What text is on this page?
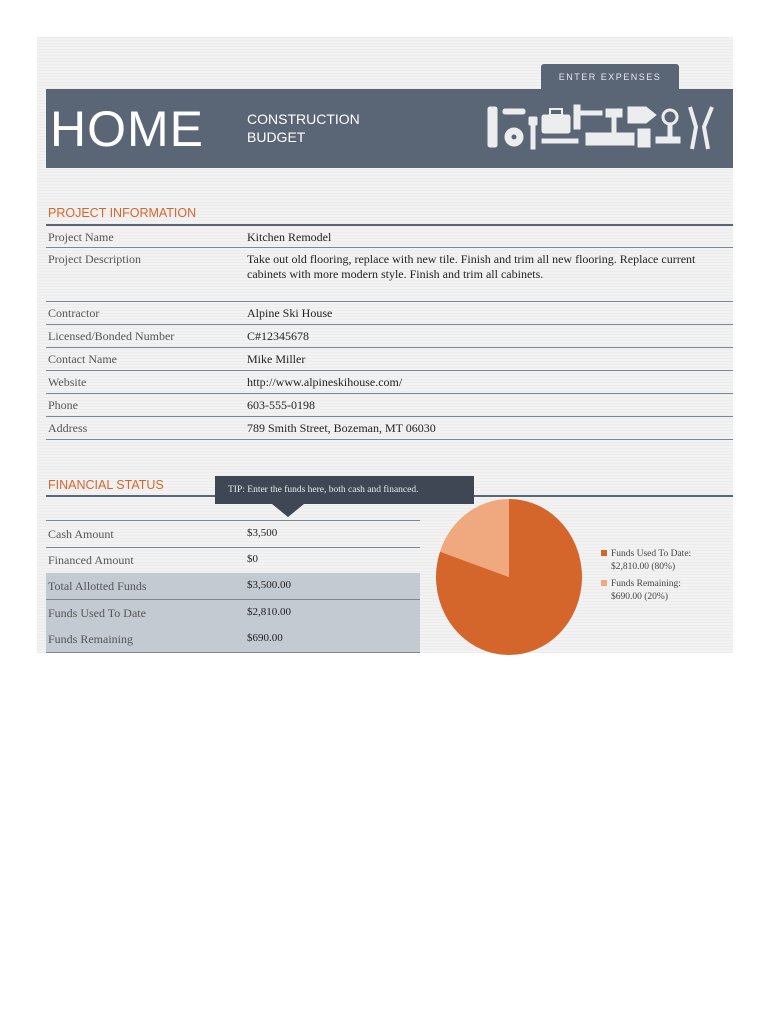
ENTER EXPENSES
HOME	CONSTRUCTION
BUDGET
PROJECT INFORMATION
Project Name	Kitchen Remodel
Project Description	Take out old flooring, replace with new tile. Finish and trim all new flooring. Replace current cabinets with more modern style. Finish and trim all cabinets.
Contractor	Alpine Ski House
Licensed/Bonded Number	C#12345678
Contact Name	Mike Miller
Website	http://www.alpineskihouse.com/
Phone	603-555-0198
Address	789 Smith Street, Bozeman, MT 06030
FINANCIAL STATUS	TIP: Enter the funds here, both cash and financed.
Cash Amount	$3,500
Financed Amount	$0
Total Allotted Funds	$3,500.00
Funds Used To Date	$2,810.00
Funds Remaining	$690.00
Funds Used To Date:
$2,810.00 (80%)
Funds Remaining:
$690.00 (20%)
